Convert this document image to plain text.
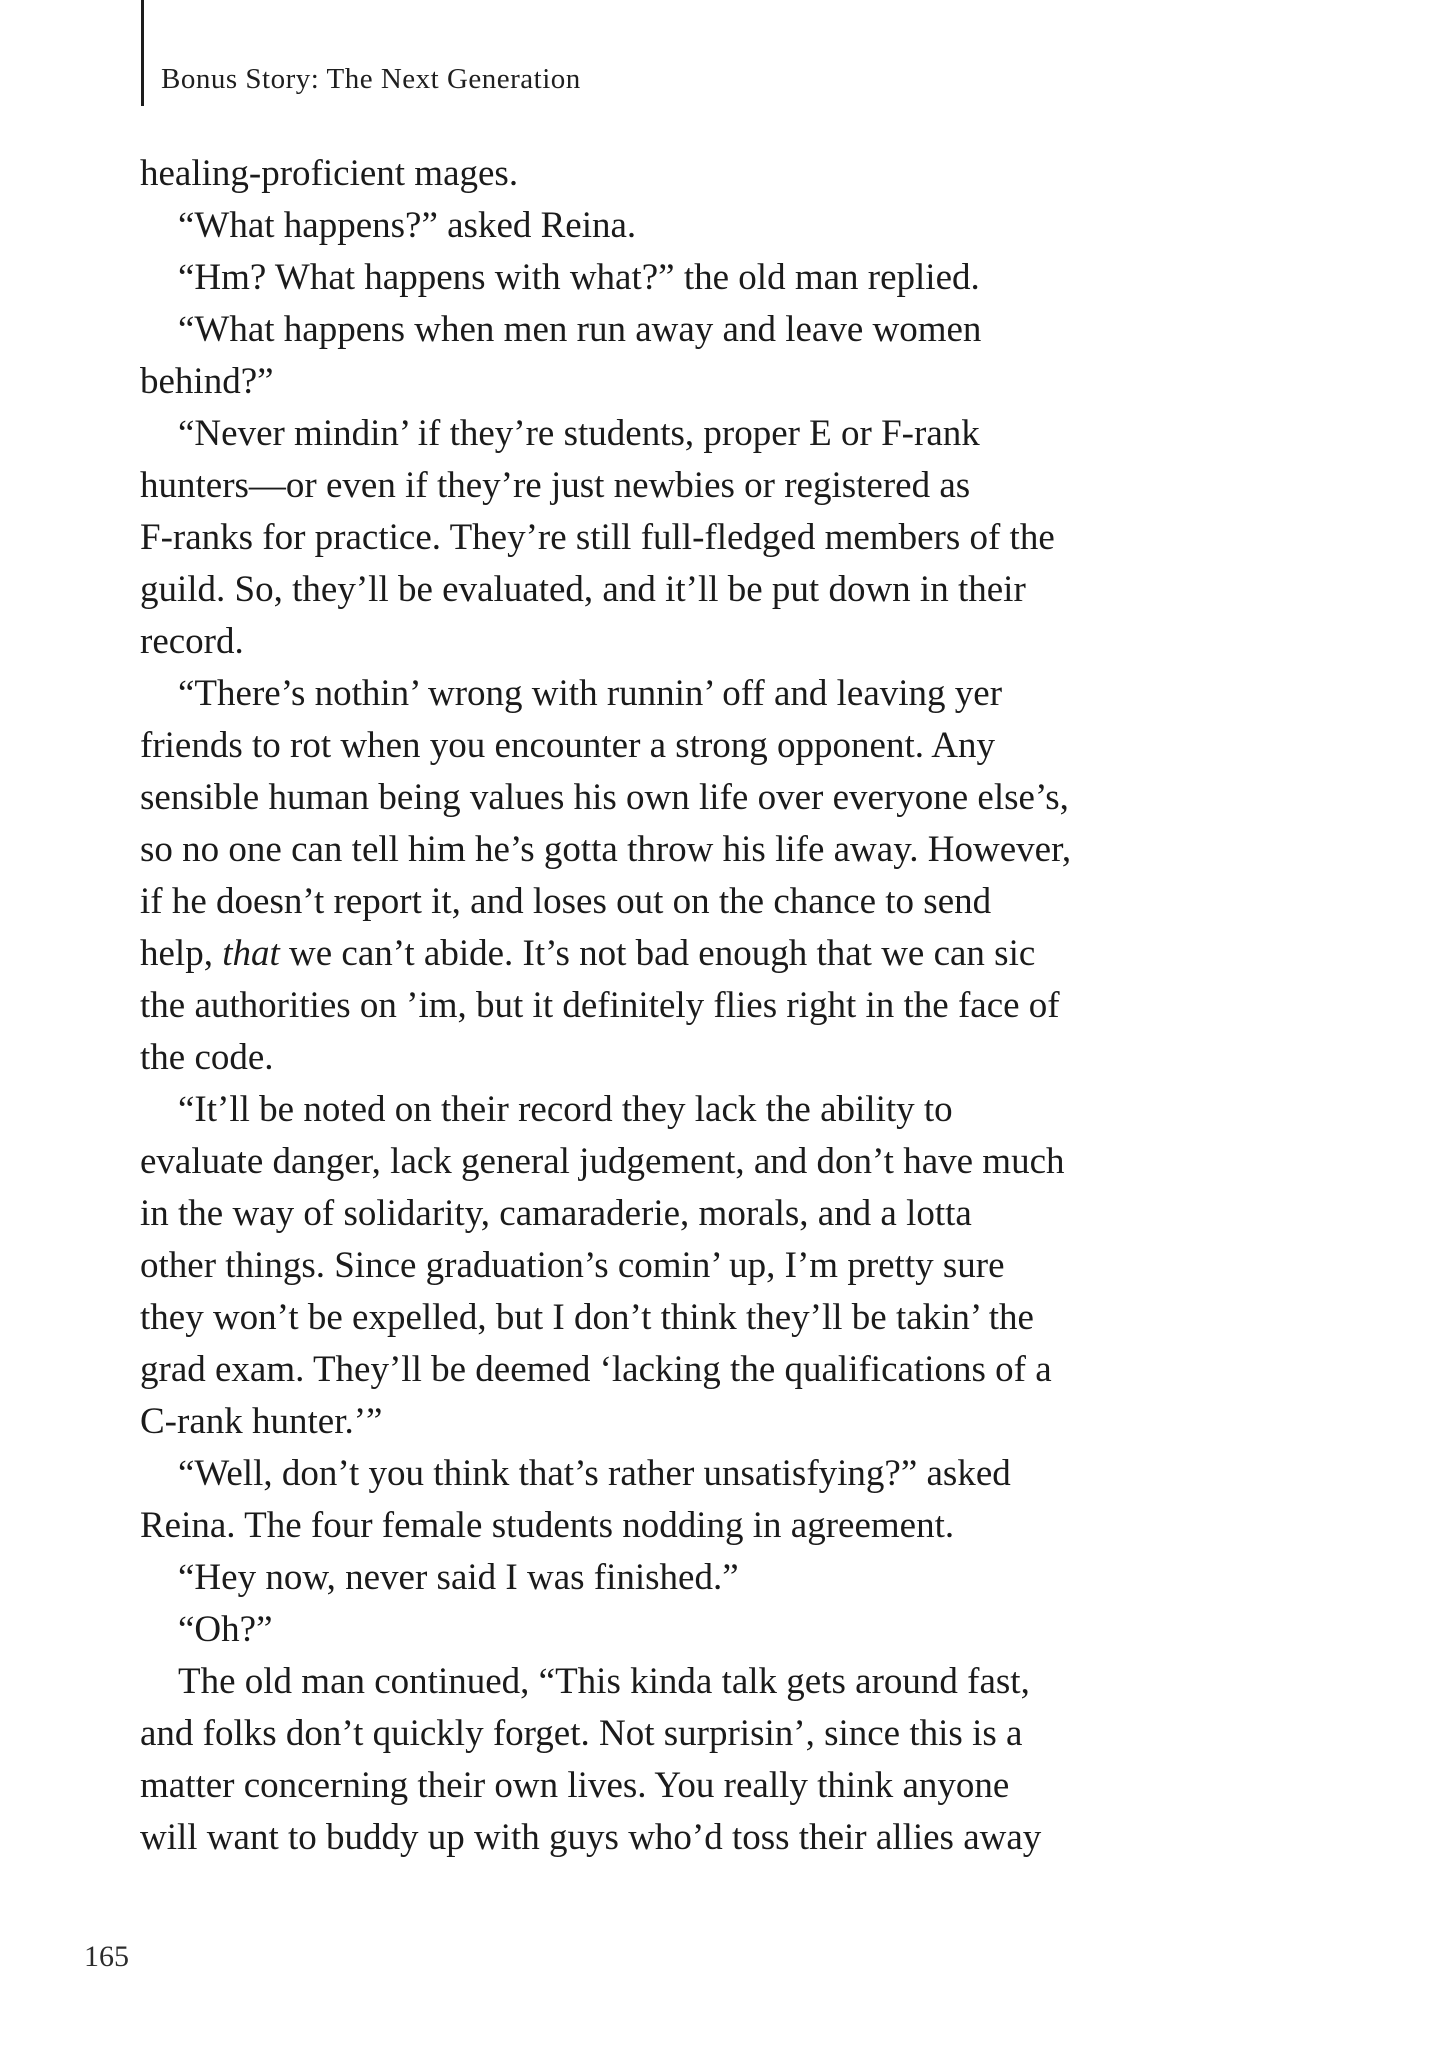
Bonus Story: The Next Generation
healing-proficient mages.
“What happens?” asked Reina.
“Hm? What happens with what?” the old man replied.
“What happens when men run away and leave women
behind?”
“Never mindin’ if they’re students, proper E or F-rank
hunters—or even if they’re just newbies or registered as
F-ranks for practice. They’re still full-fledged members of the
guild. So, they’ll be evaluated, and it’ll be put down in their
record.
“There’s nothin’ wrong with runnin’ off and leaving yer
friends to rot when you encounter a strong opponent. Any
sensible human being values his own life over everyone else’s,
so no one can tell him he’s gotta throw his life away. However,
if he doesn’t report it, and loses out on the chance to send
help, that we can’t abide. It’s not bad enough that we can sic
the authorities on ’im, but it definitely flies right in the face of
the code.
“It’ll be noted on their record they lack the ability to
evaluate danger, lack general judgement, and don’t have much
in the way of solidarity, camaraderie, morals, and a lotta
other things. Since graduation’s comin’ up, I’m pretty sure
they won’t be expelled, but I don’t think they’ll be takin’ the
grad exam. They’ll be deemed ‘lacking the qualifications of a
C-rank hunter.’”
“Well, don’t you think that’s rather unsatisfying?” asked
Reina. The four female students nodding in agreement.
“Hey now, never said I was finished.”
“Oh?”
The old man continued, “This kinda talk gets around fast,
and folks don’t quickly forget. Not surprisin’, since this is a
matter concerning their own lives. You really think anyone
will want to buddy up with guys who’d toss their allies away
165
